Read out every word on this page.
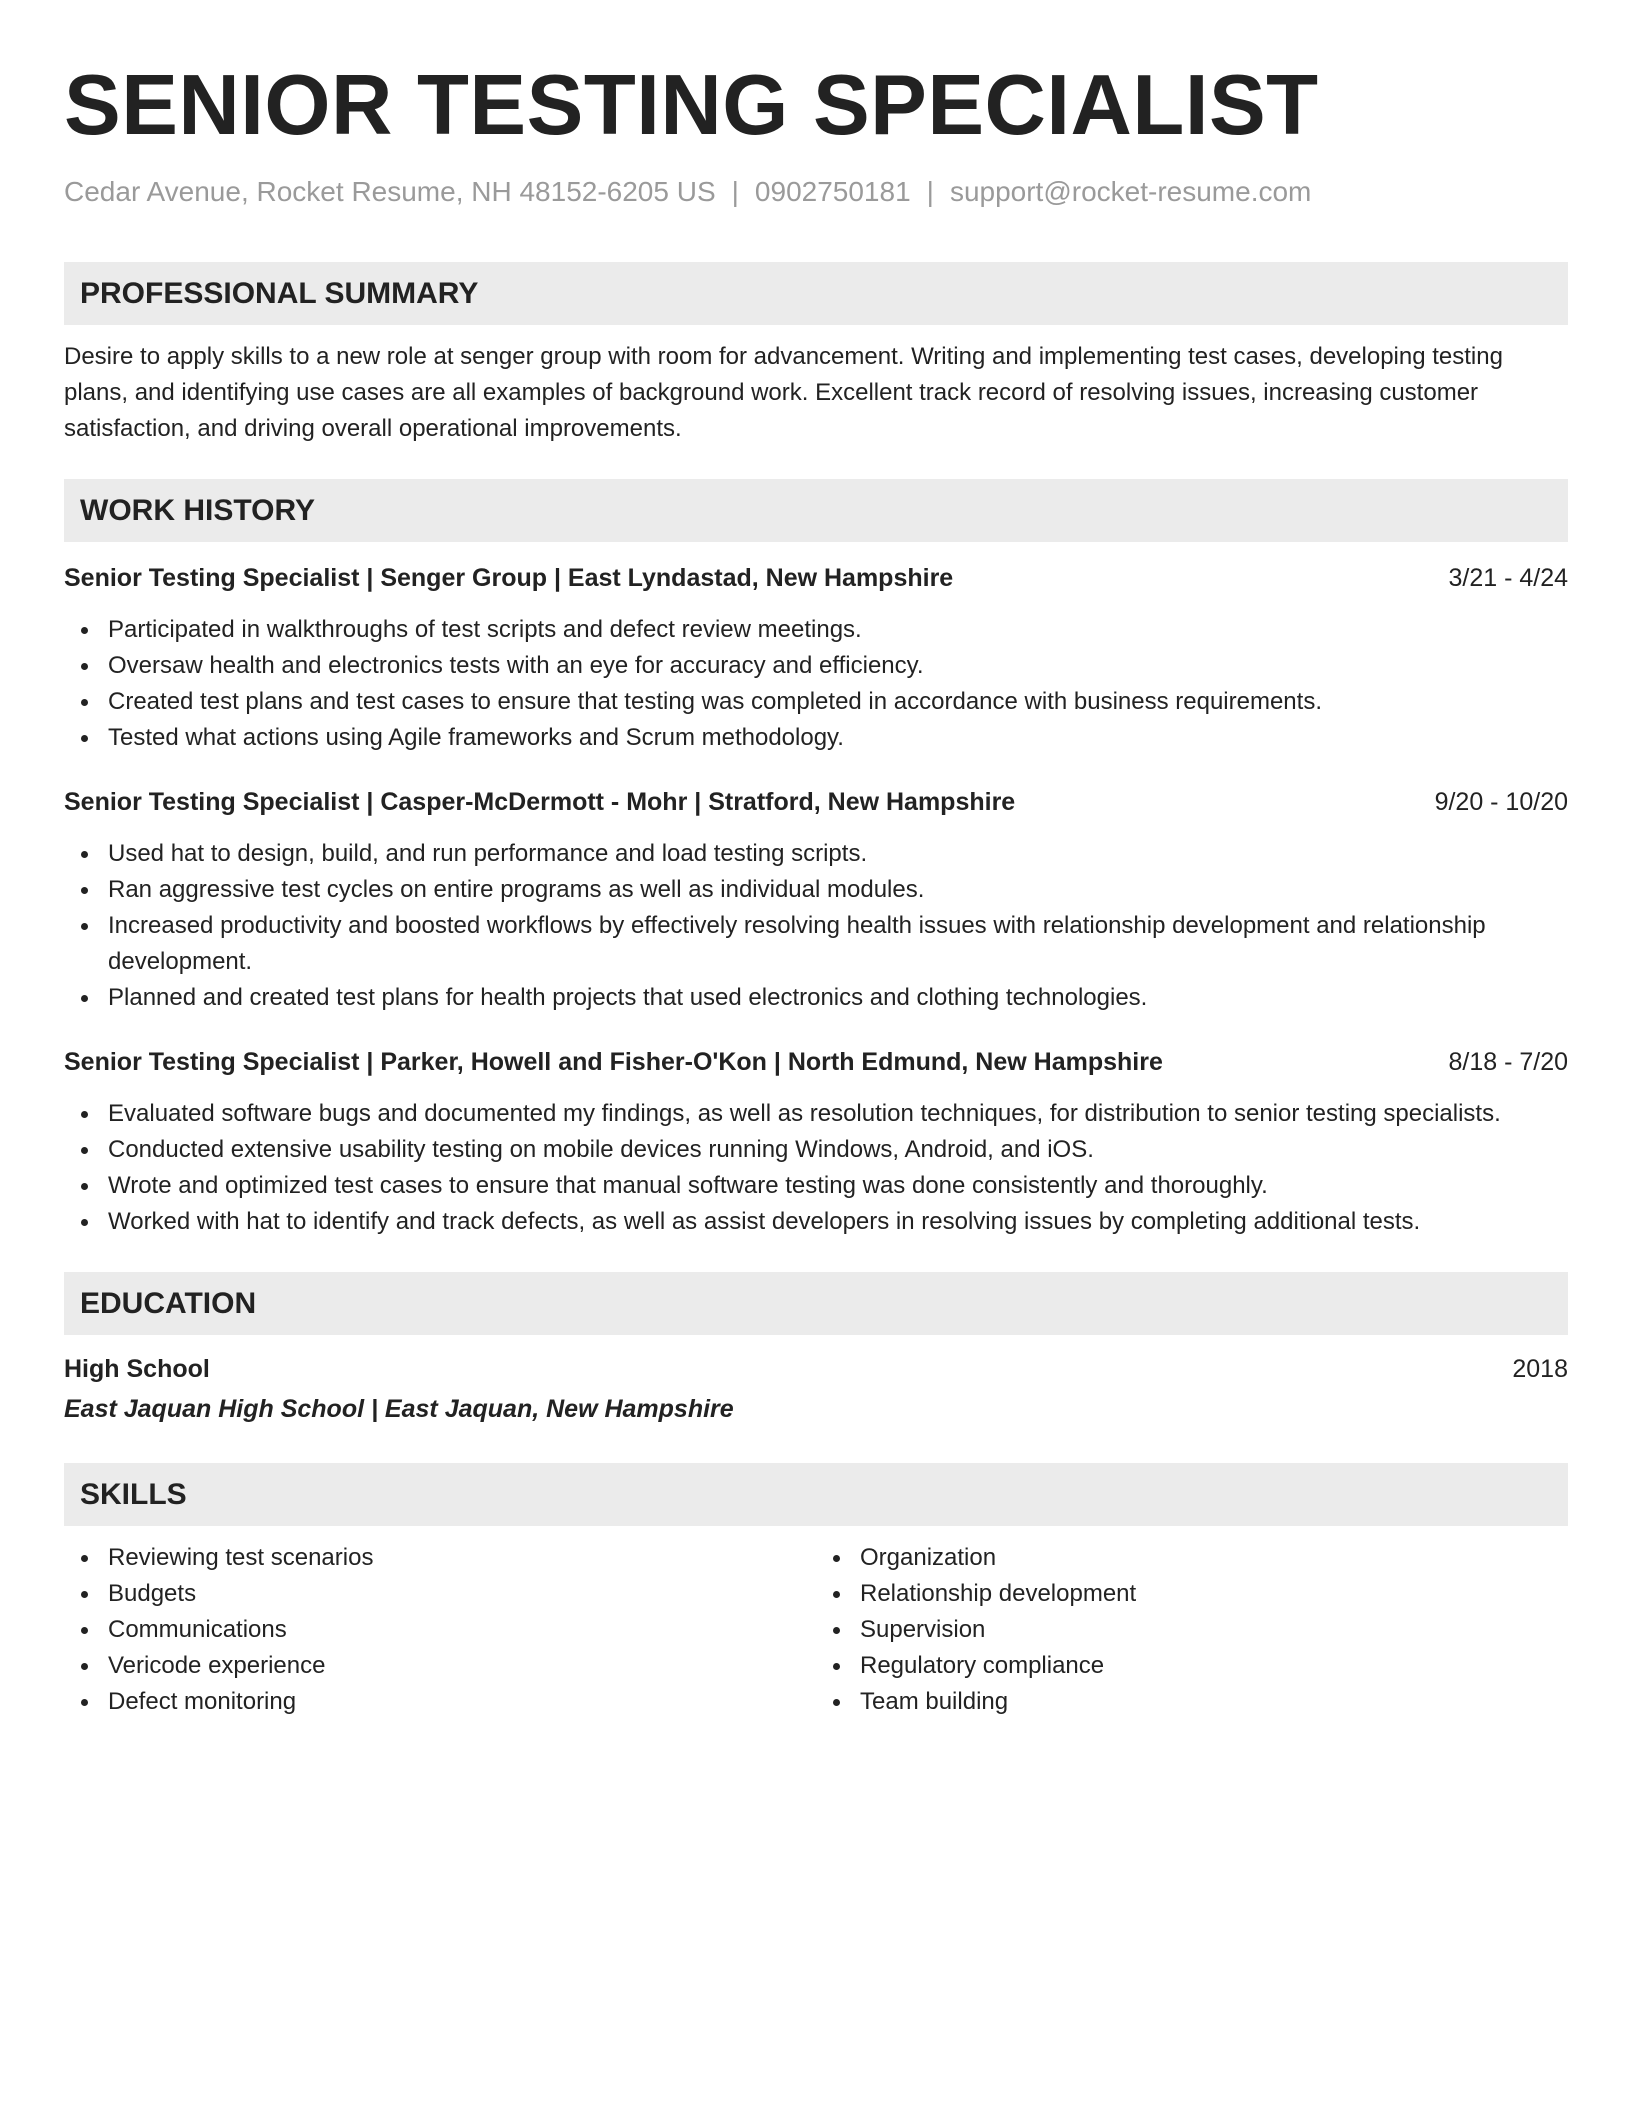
SENIOR TESTING SPECIALIST
Cedar Avenue, Rocket Resume, NH 48152-6205 US | 0902750181 | support@rocket-resume.com
PROFESSIONAL SUMMARY
Desire to apply skills to a new role at senger group with room for advancement. Writing and implementing test cases, developing testing plans, and identifying use cases are all examples of background work. Excellent track record of resolving issues, increasing customer satisfaction, and driving overall operational improvements.
WORK HISTORY
Senior Testing Specialist | Senger Group | East Lyndastad, New Hampshire	3/21 - 4/24
Participated in walkthroughs of test scripts and defect review meetings.
Oversaw health and electronics tests with an eye for accuracy and efficiency.
Created test plans and test cases to ensure that testing was completed in accordance with business requirements.
Tested what actions using Agile frameworks and Scrum methodology.
Senior Testing Specialist | Casper-McDermott - Mohr | Stratford, New Hampshire	9/20 - 10/20
Used hat to design, build, and run performance and load testing scripts.
Ran aggressive test cycles on entire programs as well as individual modules.
Increased productivity and boosted workflows by effectively resolving health issues with relationship development and relationship development.
Planned and created test plans for health projects that used electronics and clothing technologies.
Senior Testing Specialist | Parker, Howell and Fisher-O'Kon | North Edmund, New Hampshire	8/18 - 7/20
Evaluated software bugs and documented my findings, as well as resolution techniques, for distribution to senior testing specialists.
Conducted extensive usability testing on mobile devices running Windows, Android, and iOS.
Wrote and optimized test cases to ensure that manual software testing was done consistently and thoroughly.
Worked with hat to identify and track defects, as well as assist developers in resolving issues by completing additional tests.
EDUCATION
High School	2018
East Jaquan High School | East Jaquan, New Hampshire
SKILLS
Reviewing test scenarios
Budgets
Communications
Vericode experience
Defect monitoring
Organization
Relationship development
Supervision
Regulatory compliance
Team building
